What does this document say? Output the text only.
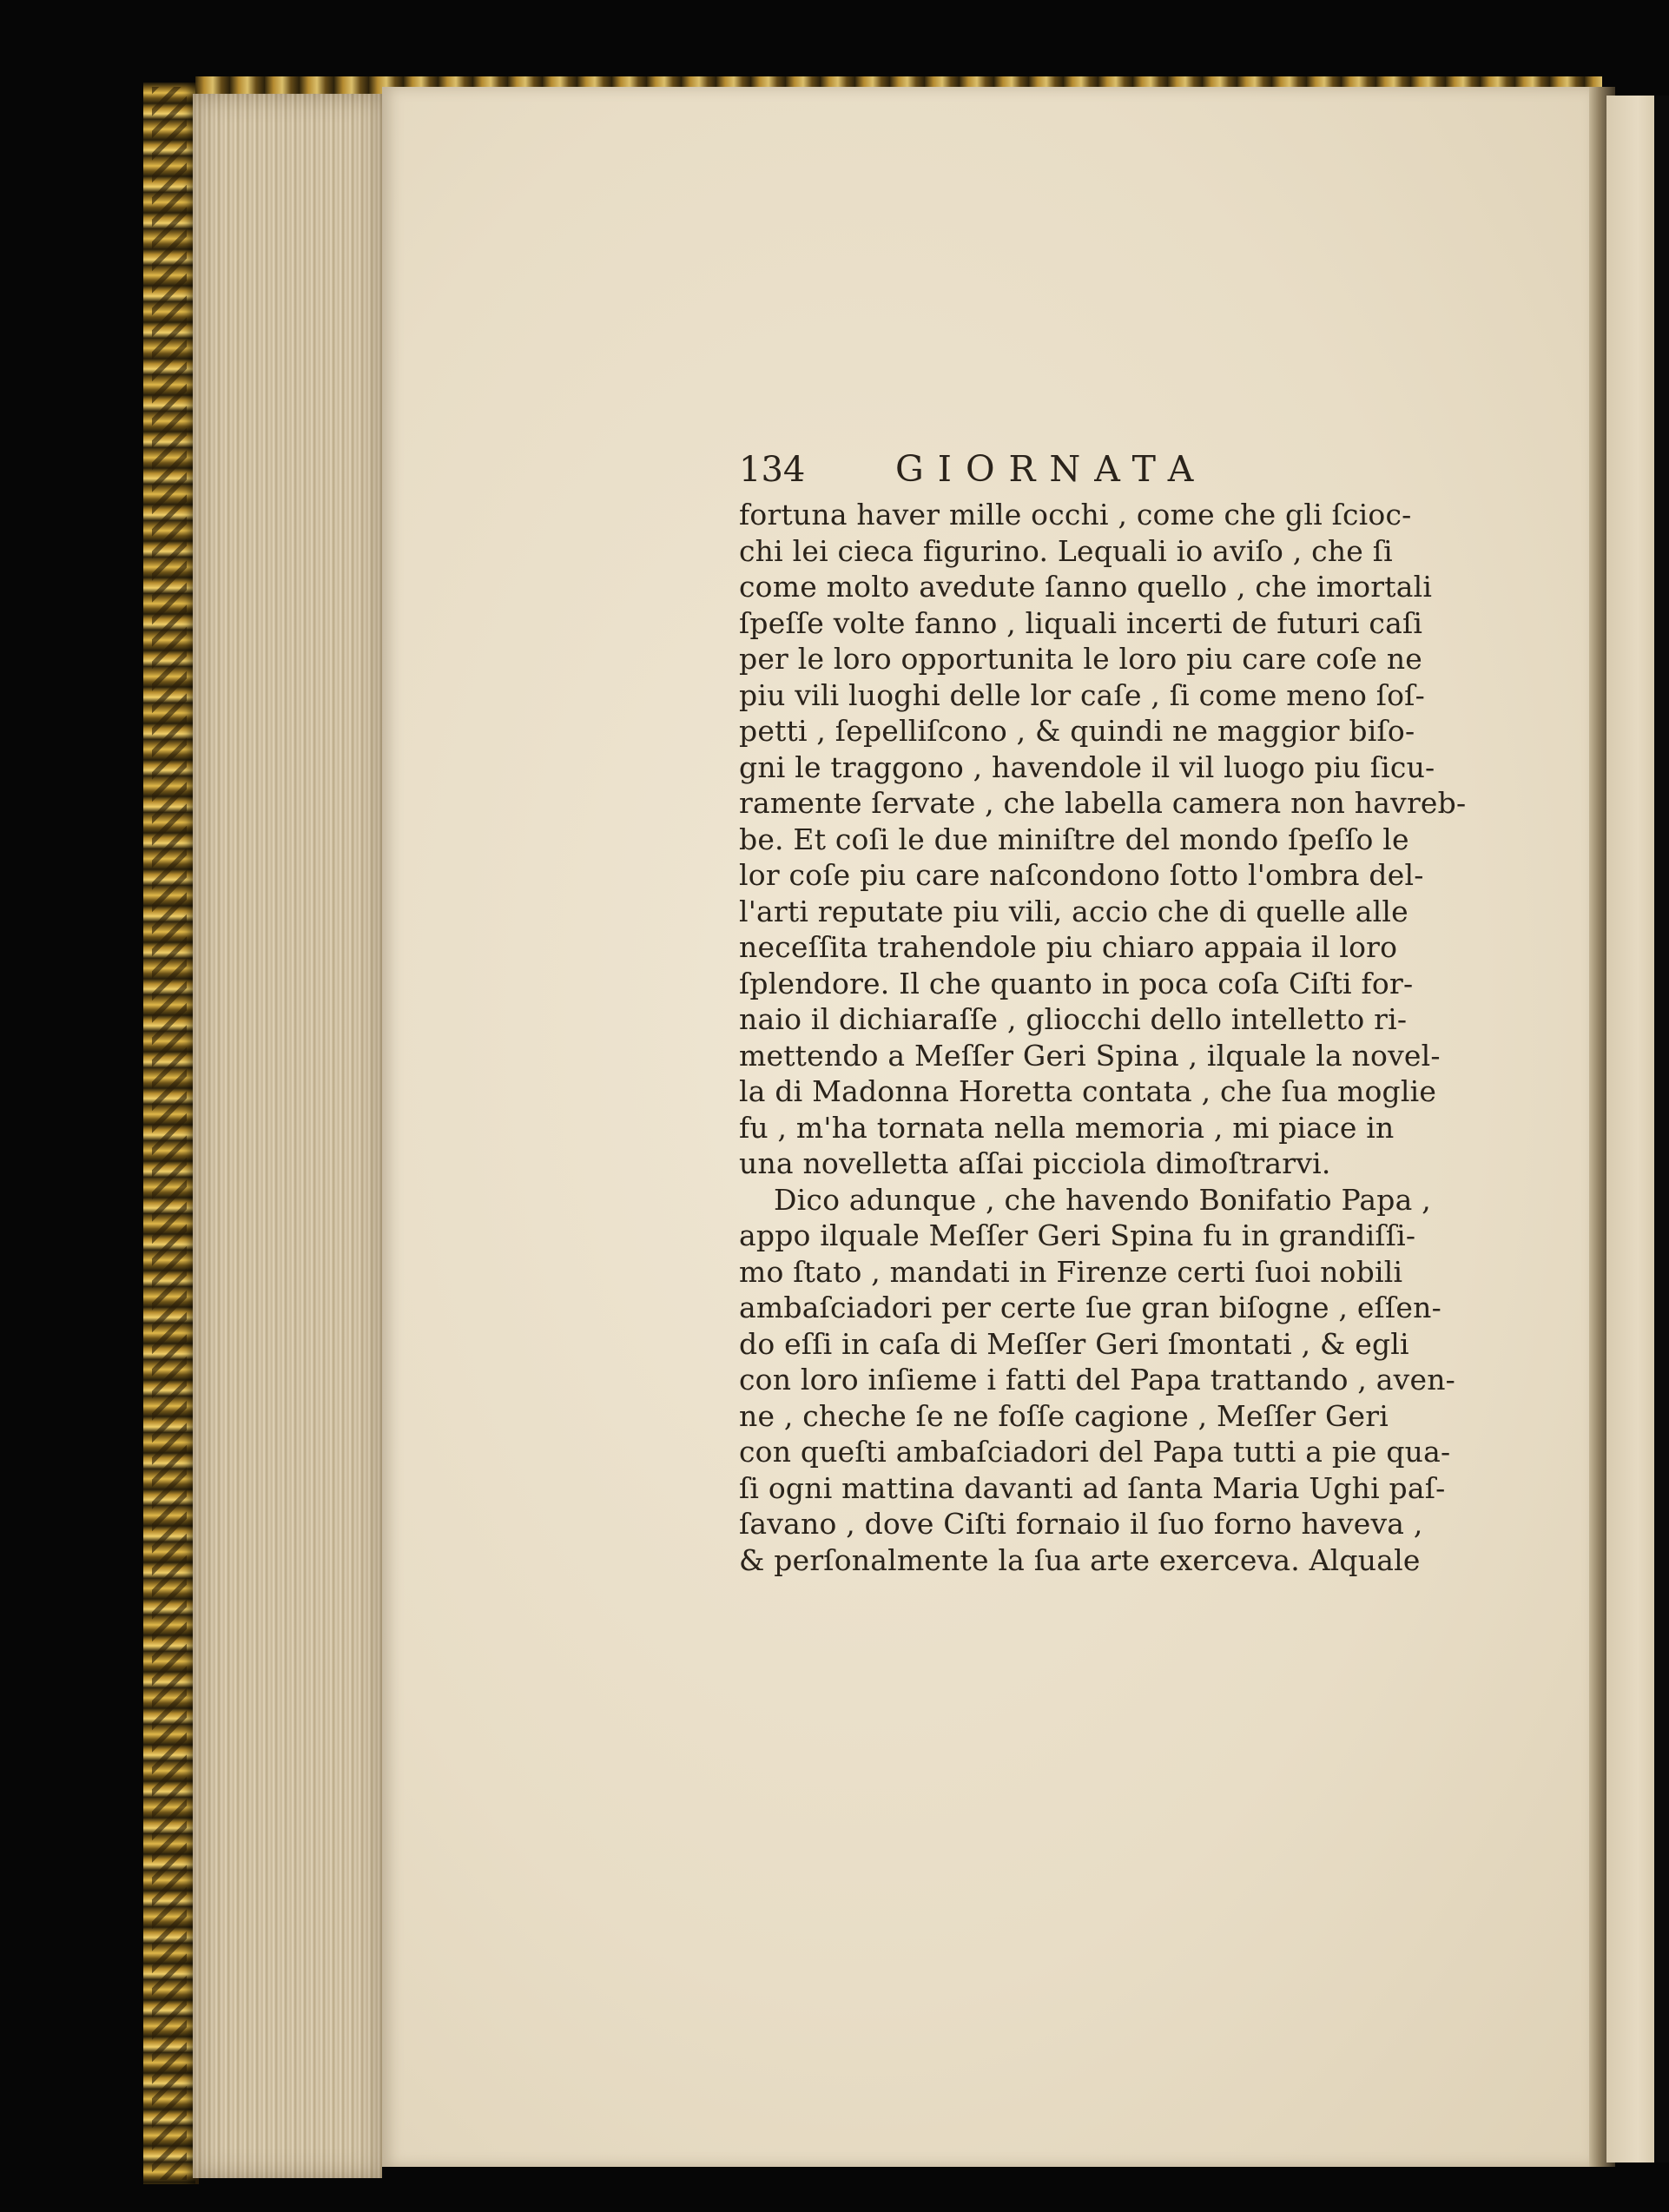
134	GIORNATA
fortuna haver mille occhi , come che gli ſcioc-
chi lei cieca figurino. Lequali io aviſo , che ſi
come molto avedute ſanno quello , che imortali
ſpeſſe volte fanno , liquali incerti de futuri caſi
per le loro opportunita le loro piu care coſe ne
piu vili luoghi delle lor caſe , ſi come meno ſoſ-
petti , ſepelliſcono , & quindi ne maggior biſo-
gni le traggono , havendole il vil luogo piu ſicu-
ramente ſervate , che labella camera non havreb-
be. Et coſi le due miniſtre del mondo ſpeſſo le
lor coſe piu care naſcondono ſotto l'ombra del-
l'arti reputate piu vili, accio che di quelle alle
neceſſita trahendole piu chiaro appaia il loro
ſplendore. Il che quanto in poca coſa Ciſti for-
naio il dichiaraſſe , gliocchi dello intelletto ri-
mettendo a Meſſer Geri Spina , ilquale la novel-
la di Madonna Horetta contata , che ſua moglie
fu , m'ha tornata nella memoria , mi piace in
una novelletta aſſai picciola dimoſtrarvi.
Dico adunque , che havendo Bonifatio Papa ,
appo ilquale Meſſer Geri Spina fu in grandiſſi-
mo ſtato , mandati in Firenze certi ſuoi nobili
ambaſciadori per certe ſue gran biſogne , eſſen-
do eſſi in caſa di Meſſer Geri ſmontati , & egli
con loro inſieme i fatti del Papa trattando , aven-
ne , cheche ſe ne foſſe cagione , Meſſer Geri
con queſti ambaſciadori del Papa tutti a pie qua-
ſi ogni mattina davanti ad ſanta Maria Ughi paſ-
ſavano , dove Ciſti fornaio il ſuo forno haveva ,
& perſonalmente la ſua arte exerceva. Alquale
